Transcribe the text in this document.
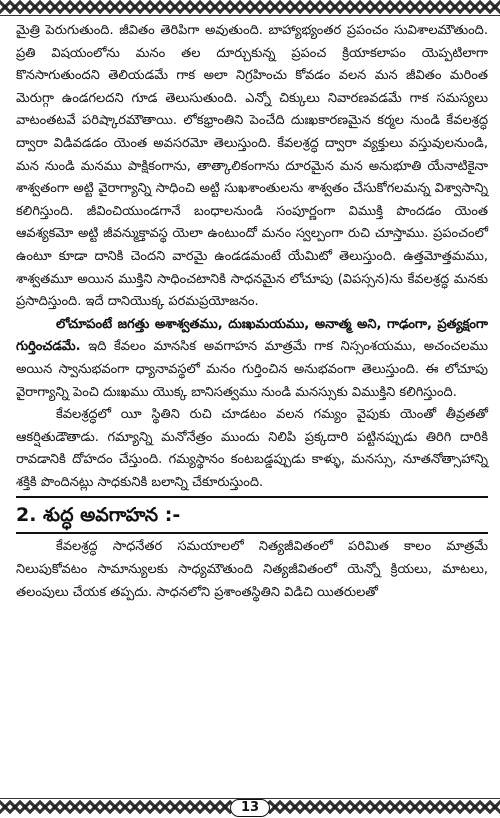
మైత్రి పెరుగుతుంది. జీవితం తెరిపిగా అవుతుంది. బాహ్యాభ్యంతర ప్రపంచం సువిశాలమౌతుంది. ప్రతి విషయంలోను మనం తల దూర్చుకున్న ప్రపంచ క్రియాకలాపం యెప్పటిలాగా కొనసాగుతుందని తెలియడమే గాక అలా నిగ్రహించు కోవడం వలన మన జీవితం మరింత మెరుగ్గా ఉండగలదని గూడ తెలుసుతుంది. ఎన్నో చిక్కులు నివారణవడమే గాక సమస్యలు వాటంతటవే పరిష్కారమౌతాయి. లోకభ్రాంతిని పెంచేది దుఃఖకారణమైన కర్మల నుండి కేవలశ్రద్ధ ద్వారా విడివడడం యెంత అవసరమో తెలుస్తుంది. కేవలశ్రద్ధ ద్వారా వ్యక్తులు వస్తువులనుండి, మన నుండి మనము పాక్షికంగాను, తాత్కాలికంగాను దూరమైన మన అనుభూతి యేనాటికైనా శాశ్వతంగా అట్టి వైరాగ్యాన్ని సాధించి అట్టి సుఖశాంతులను శాశ్వతం చేసుకోగలమన్న విశ్వాసాన్ని కలిగిస్తుంది. జీవించియుండగానే బంధాలనుండి సంపూర్ణంగా విముక్తి పొందడం యెంత ఆవశ్యకమో అట్టి జీవన్ముక్తావస్థ యెలా ఉంటుందో మనం స్వల్పంగా రుచి చూస్తాము. ప్రపంచంలో ఉంటూ కూడా దానికి చెందని వారమై ఉండడమంటే యేమిటో తెలుస్తుంది. ఉత్తమోత్తమము, శాశ్వతమూ అయిన ముక్తిని సాధించటానికి సాధనమైన లోచూపు (విపస్సన)ను కేవలశ్రద్ధ మనకు ప్రసాదిస్తుంది. ఇదే దానియొక్క పరమప్రయోజనం.

లోచూపంటే జగత్తు అశాశ్వతము, దుఃఖమయము, అనాత్మ అని, గాఢంగా, ప్రత్యక్షంగా గుర్తించడమే. ఇది కేవలం మానసిక అవగాహన మాత్రమే గాక నిస్సంశయము, అచంచలము అయిన స్వానుభవంగా ధ్యానావస్థలో మనం గుర్తించిన అనుభవంగా తెలుస్తుంది. ఈ లోచూపు వైరాగ్యాన్ని పెంచి దుఃఖము యొక్క బానిసత్వము నుండి మనస్సుకు విముక్తిని కలిగిస్తుంది.

కేవలశ్రద్ధలో యీ స్థితిని రుచి చూడటం వలన గమ్యం వైపుకు యెంతో తీవ్రతతో ఆకర్షితుడౌతాడు. గమ్యాన్ని మనోనేత్రం ముందు నిలిపి ప్రక్కదారి పట్టినప్పుడు తిరిగి దారికి రావడానికి దోహదం చేస్తుంది. గమ్యస్థానం కంటబడ్డప్పుడు కాళ్ళు, మనస్సు, నూతనోత్సాహాన్ని శక్తికి పొందినట్లు సాధకునికి బలాన్ని చేకూరుస్తుంది.

2. శుద్ధ అవగాహన :-

కేవలశ్రద్ధ సాధనేతర సమయాలలో నిత్యజీవితంలో పరిమిత కాలం మాత్రమే నిలుపుకోవటం సామాన్యులకు సాధ్యమౌతుంది నిత్యజీవితంలో యెన్నో క్రియలు, మాటలు, తలంపులు చేయక తప్పదు. సాధనలోని ప్రశాంతస్థితిని విడిచి యితరులతో

13
